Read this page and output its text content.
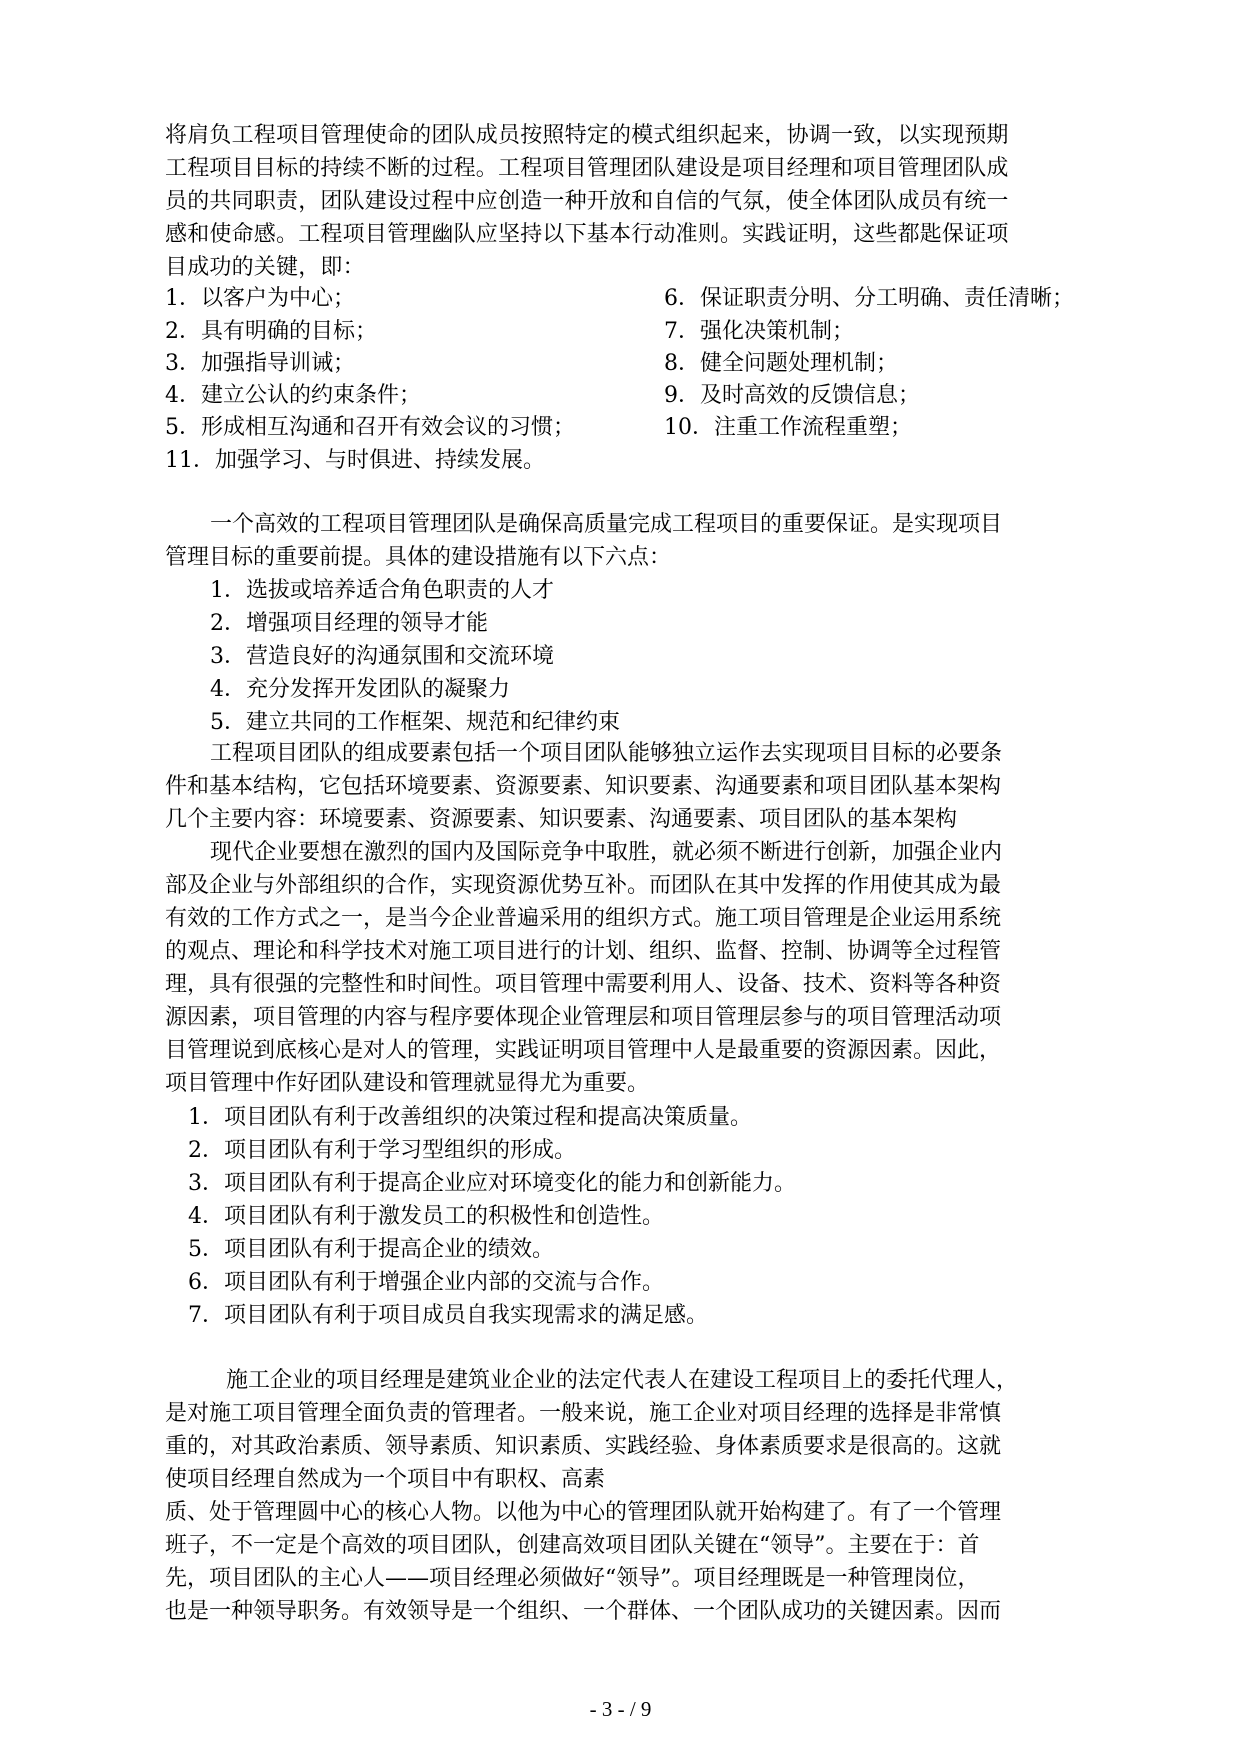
将肩负工程项目管理使命的团队成员按照特定的模式组织起来，协调一致，以实现预期
工程项目目标的持续不断的过程。工程项目管理团队建设是项目经理和项目管理团队成
员的共同职责，团队建设过程中应创造一种开放和自信的气氛，使全体团队成员有统一
感和使命感。工程项目管理幽队应坚持以下基本行动准则。实践证明，这些都匙保证项
目成功的关键，即：
1．以客户为中心；
2．具有明确的目标；
3．加强指导训诫；
4．建立公认的约束条件；
5．形成相互沟通和召开有效会议的习惯；
11．加强学习、与时俱进、持续发展。
6．保证职责分明、分工明确、责任清晰；
7．强化决策机制；
8．健全问题处理机制；
9．及时高效的反馈信息；
10．注重工作流程重塑；
一个高效的工程项目管理团队是确保高质量完成工程项目的重要保证。是实现项目
管理目标的重要前提。具体的建设措施有以下六点：
1．选拔或培养适合角色职责的人才
2．增强项目经理的领导才能
3．营造良好的沟通氛围和交流环境
4．充分发挥开发团队的凝聚力
5．建立共同的工作框架、规范和纪律约束
工程项目团队的组成要素包括一个项目团队能够独立运作去实现项目目标的必要条
件和基本结构，它包括环境要素、资源要素、知识要素、沟通要素和项目团队基本架构
几个主要内容：环境要素、资源要素、知识要素、沟通要素、项目团队的基本架构
现代企业要想在激烈的国内及国际竞争中取胜，就必须不断进行创新，加强企业内
部及企业与外部组织的合作，实现资源优势互补。而团队在其中发挥的作用使其成为最
有效的工作方式之一，是当今企业普遍采用的组织方式。施工项目管理是企业运用系统
的观点、理论和科学技术对施工项目进行的计划、组织、监督、控制、协调等全过程管
理，具有很强的完整性和时间性。项目管理中需要利用人、设备、技术、资料等各种资
源因素，项目管理的内容与程序要体现企业管理层和项目管理层参与的项目管理活动项
目管理说到底核心是对人的管理，实践证明项目管理中人是最重要的资源因素。因此，
项目管理中作好团队建设和管理就显得尤为重要。
1．项目团队有利于改善组织的决策过程和提高决策质量。
2．项目团队有利于学习型组织的形成。
3．项目团队有利于提高企业应对环境变化的能力和创新能力。
4．项目团队有利于激发员工的积极性和创造性。
5．项目团队有利于提高企业的绩效。
6．项目团队有利于增强企业内部的交流与合作。
7．项目团队有利于项目成员自我实现需求的满足感。
施工企业的项目经理是建筑业企业的法定代表人在建设工程项目上的委托代理人，
是对施工项目管理全面负责的管理者。一般来说，施工企业对项目经理的选择是非常慎
重的，对其政治素质、领导素质、知识素质、实践经验、身体素质要求是很高的。这就
使项目经理自然成为一个项目中有职权、高素
质、处于管理圆中心的核心人物。以他为中心的管理团队就开始构建了。有了一个管理
班子，不一定是个高效的项目团队，创建高效项目团队关键在“领导”。主要在于：首
先，项目团队的主心人——项目经理必须做好“领导”。项目经理既是一种管理岗位，
也是一种领导职务。有效领导是一个组织、一个群体、一个团队成功的关键因素。因而
- 3 - / 9
